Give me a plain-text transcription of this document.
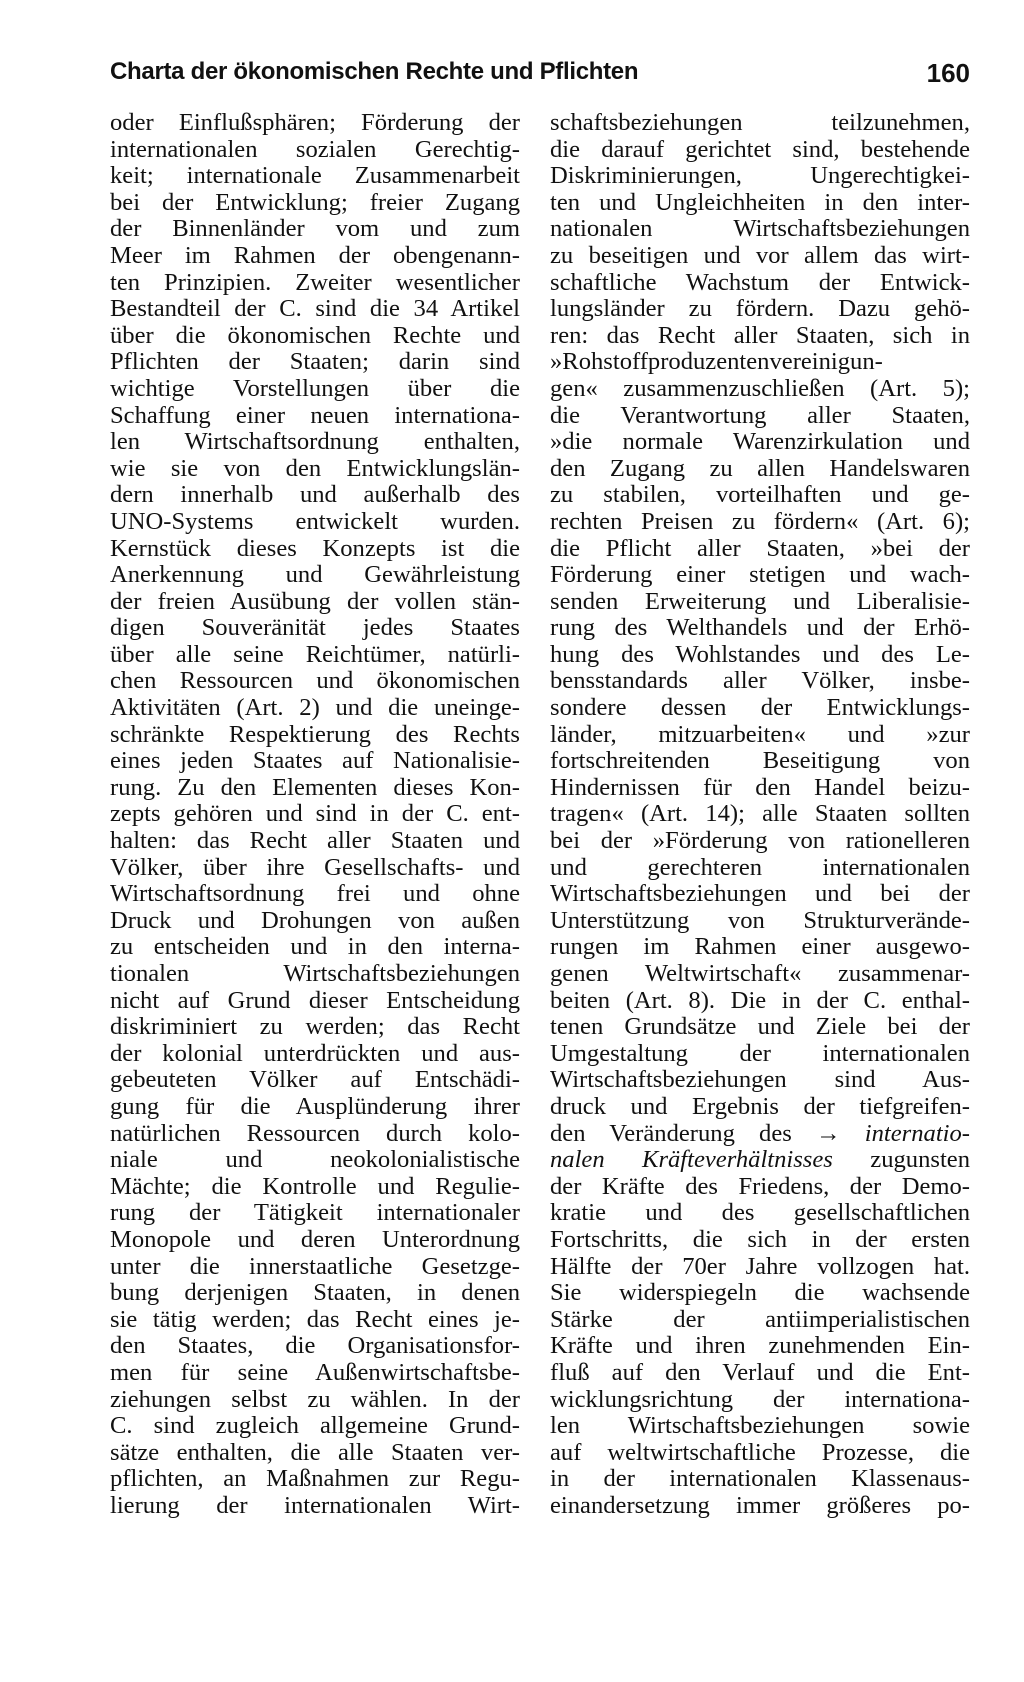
Charta der ökonomischen Rechte und Pflichten	160
oder Einflußsphären; Förderung der
internationalen sozialen Gerechtig-
keit; internationale Zusammenarbeit
bei der Entwicklung; freier Zugang
der Binnenländer vom und zum
Meer im Rahmen der obengenann-
ten Prinzipien. Zweiter wesentlicher
Bestandteil der C. sind die 34 Artikel
über die ökonomischen Rechte und
Pflichten der Staaten; darin sind
wichtige Vorstellungen über die
Schaffung einer neuen internationa-
len Wirtschaftsordnung enthalten,
wie sie von den Entwicklungslän-
dern innerhalb und außerhalb des
UNO-Systems entwickelt wurden.
Kernstück dieses Konzepts ist die
Anerkennung und Gewährleistung
der freien Ausübung der vollen stän-
digen Souveränität jedes Staates
über alle seine Reichtümer, natürli-
chen Ressourcen und ökonomischen
Aktivitäten (Art. 2) und die uneinge-
schränkte Respektierung des Rechts
eines jeden Staates auf Nationalisie-
rung. Zu den Elementen dieses Kon-
zepts gehören und sind in der C. ent-
halten: das Recht aller Staaten und
Völker, über ihre Gesellschafts- und
Wirtschaftsordnung frei und ohne
Druck und Drohungen von außen
zu entscheiden und in den interna-
tionalen Wirtschaftsbeziehungen
nicht auf Grund dieser Entscheidung
diskriminiert zu werden; das Recht
der kolonial unterdrückten und aus-
gebeuteten Völker auf Entschädi-
gung für die Ausplünderung ihrer
natürlichen Ressourcen durch kolo-
niale und neokolonialistische
Mächte; die Kontrolle und Regulie-
rung der Tätigkeit internationaler
Monopole und deren Unterordnung
unter die innerstaatliche Gesetzge-
bung derjenigen Staaten, in denen
sie tätig werden; das Recht eines je-
den Staates, die Organisationsfor-
men für seine Außenwirtschaftsbe-
ziehungen selbst zu wählen. In der
C. sind zugleich allgemeine Grund-
sätze enthalten, die alle Staaten ver-
pflichten, an Maßnahmen zur Regu-
lierung der internationalen Wirt-
schaftsbeziehungen teilzunehmen,
die darauf gerichtet sind, bestehende
Diskriminierungen, Ungerechtigkei-
ten und Ungleichheiten in den inter-
nationalen Wirtschaftsbeziehungen
zu beseitigen und vor allem das wirt-
schaftliche Wachstum der Entwick-
lungsländer zu fördern. Dazu gehö-
ren: das Recht aller Staaten, sich in
»Rohstoffproduzentenvereinigun-
gen« zusammenzuschließen (Art. 5);
die Verantwortung aller Staaten,
»die normale Warenzirkulation und
den Zugang zu allen Handelswaren
zu stabilen, vorteilhaften und ge-
rechten Preisen zu fördern« (Art. 6);
die Pflicht aller Staaten, »bei der
Förderung einer stetigen und wach-
senden Erweiterung und Liberalisie-
rung des Welthandels und der Erhö-
hung des Wohlstandes und des Le-
bensstandards aller Völker, insbe-
sondere dessen der Entwicklungs-
länder, mitzuarbeiten« und »zur
fortschreitenden Beseitigung von
Hindernissen für den Handel beizu-
tragen« (Art. 14); alle Staaten sollten
bei der »Förderung von rationelleren
und gerechteren internationalen
Wirtschaftsbeziehungen und bei der
Unterstützung von Strukturverände-
rungen im Rahmen einer ausgewo-
genen Weltwirtschaft« zusammenar-
beiten (Art. 8). Die in der C. enthal-
tenen Grundsätze und Ziele bei der
Umgestaltung der internationalen
Wirtschaftsbeziehungen sind Aus-
druck und Ergebnis der tiefgreifen-
den Veränderung des → internatio-
nalen Kräfteverhältnisses zugunsten
der Kräfte des Friedens, der Demo-
kratie und des gesellschaftlichen
Fortschritts, die sich in der ersten
Hälfte der 70er Jahre vollzogen hat.
Sie widerspiegeln die wachsende
Stärke der antiimperialistischen
Kräfte und ihren zunehmenden Ein-
fluß auf den Verlauf und die Ent-
wicklungsrichtung der internationa-
len Wirtschaftsbeziehungen sowie
auf weltwirtschaftliche Prozesse, die
in der internationalen Klassenaus-
einandersetzung immer größeres po-
